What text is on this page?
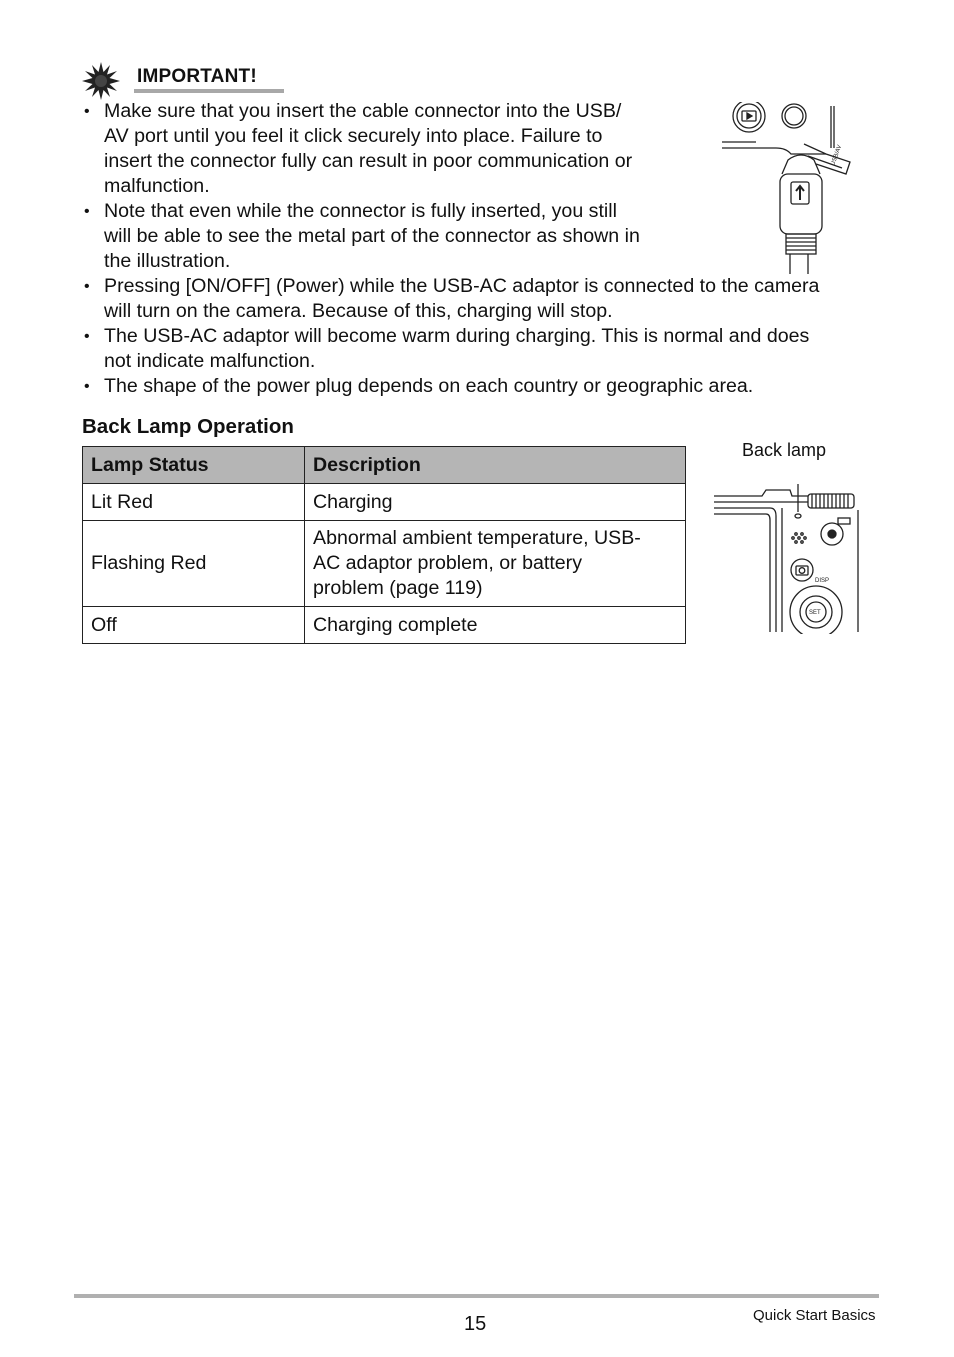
IMPORTANT!
• Make sure that you insert the cable connector into the USB/
AV port until you feel it click securely into place. Failure to
insert the connector fully can result in poor communication or
malfunction.
• Note that even while the connector is fully inserted, you still
will be able to see the metal part of the connector as shown in
the illustration.
• Pressing [ON/OFF] (Power) while the USB-AC adaptor is connected to the camera
will turn on the camera. Because of this, charging will stop.
• The USB-AC adaptor will become warm during charging. This is normal and does
not indicate malfunction.
• The shape of the power plug depends on each country or geographic area.
USB/AV
Back Lamp Operation
Back lamp
DISP
SET
Lamp Status	Description
Lit Red	Charging

Flashing Red	Abnormal ambient temperature, USB-
AC adaptor problem, or battery
problem (page 119)

Off	Charging complete
15	Quick Start Basics
